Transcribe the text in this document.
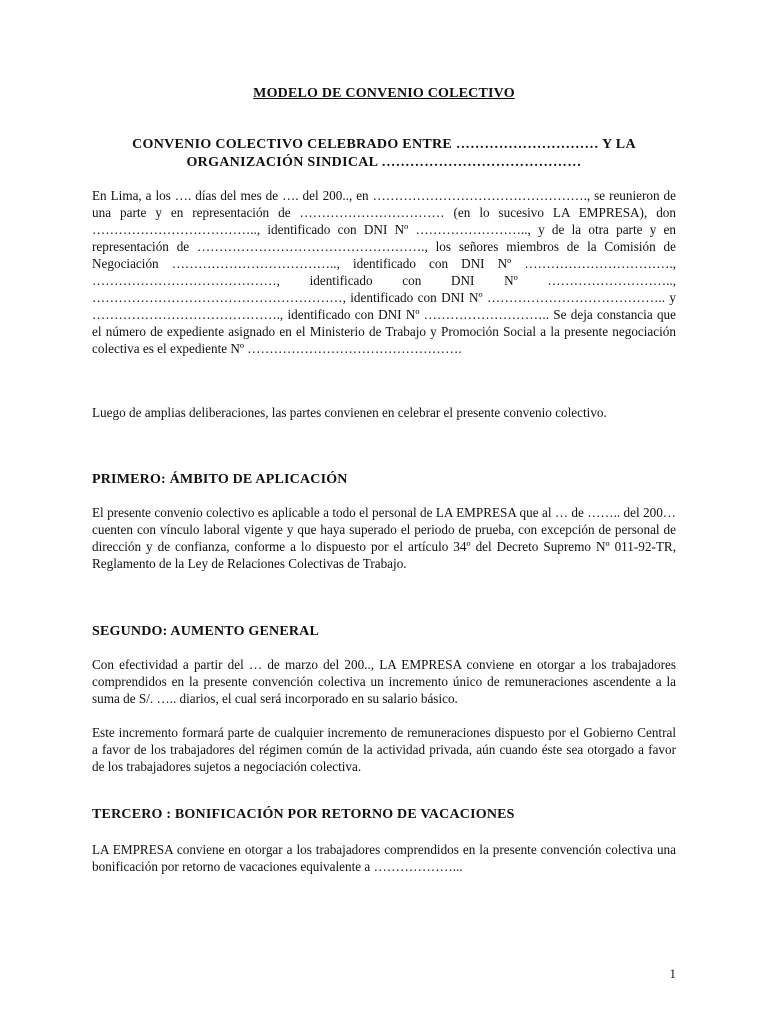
MODELO DE CONVENIO COLECTIVO
CONVENIO COLECTIVO CELEBRADO ENTRE ………………………… Y LA
ORGANIZACIÓN SINDICAL ……………………………………

En Lima, a los …. días del mes de …. del 200.., en …………………………………………., se reunieron de una parte y en representación de …………………………… (en lo sucesivo LA EMPRESA), don ……………………………….., identificado con DNI Nº …………………….., y de la otra parte y en representación de ……………………………………………., los señores miembros de la Comisión de Negociación ……………………………….., identificado con DNI Nº ……………………………., ……………………………………, identificado con DNI Nº ……………………….., …………………………………………………, identificado con DNI Nº ………………………………….. y ……………………………………., identificado con DNI Nº ……………………….. Se deja constancia que el número de expediente asignado en el Ministerio de Trabajo y Promoción Social a la presente negociación colectiva es el expediente Nº ………………………………………….

Luego de amplias deliberaciones, las partes convienen en celebrar el presente convenio colectivo.

PRIMERO: ÁMBITO DE APLICACIÓN

El presente convenio colectivo es aplicable a todo el personal de LA EMPRESA que al … de …….. del 200… cuenten con vínculo laboral vigente y que haya superado el periodo de prueba, con excepción de personal de dirección y de confianza, conforme a lo dispuesto por el artículo 34º del Decreto Supremo Nº 011-92-TR, Reglamento de la Ley de Relaciones Colectivas de Trabajo.

SEGUNDO: AUMENTO GENERAL

Con efectividad a partir del … de marzo del 200.., LA EMPRESA conviene en otorgar a los trabajadores comprendidos en la presente convención colectiva un incremento único de remuneraciones ascendente a la suma de S/. ….. diarios, el cual será incorporado en su salario básico.

Este incremento formará parte de cualquier incremento de remuneraciones dispuesto por el Gobierno Central a favor de los trabajadores del régimen común de la actividad privada, aún cuando éste sea otorgado a favor de los trabajadores sujetos a negociación colectiva.

TERCERO : BONIFICACIÓN POR RETORNO DE VACACIONES

LA EMPRESA conviene en otorgar a los trabajadores comprendidos en la presente convención colectiva una bonificación por retorno de vacaciones equivalente a ………………...

1
